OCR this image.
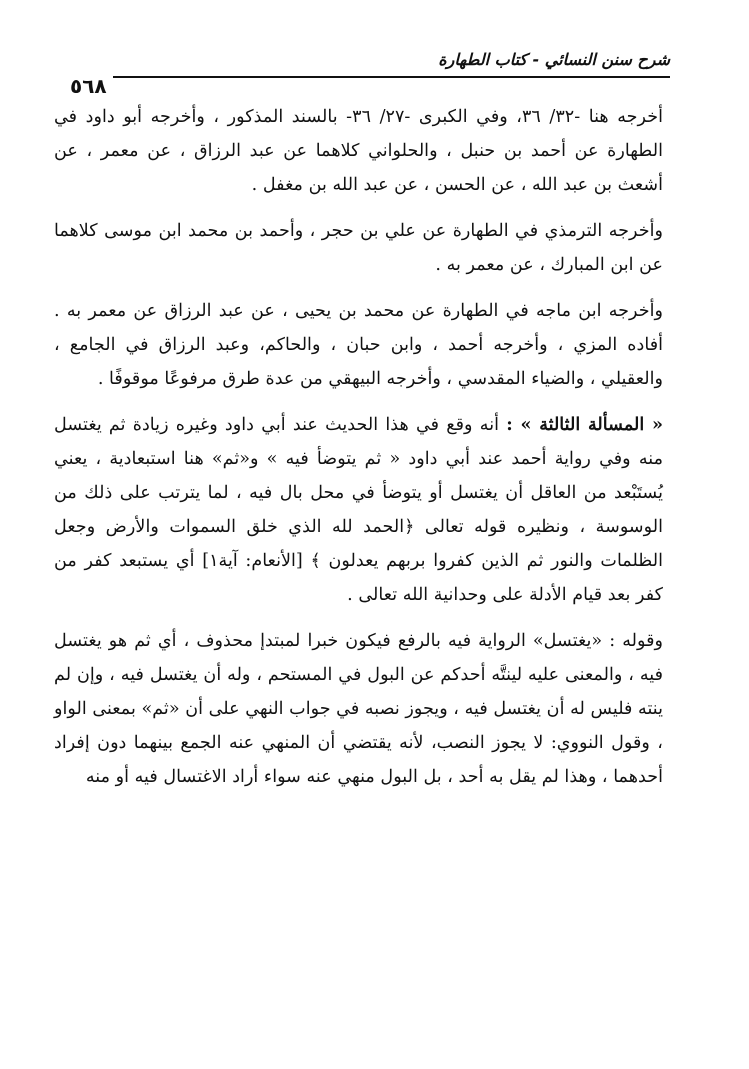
شرح سنن النسائي - كتاب الطهارة
٥٦٨

أخرجه هنا -٣٢/ ٣٦، وفي الكبرى -٢٧/ ٣٦- بالسند المذكور ، وأخرجه أبو داود في الطهارة عن أحمد بن حنبل ، والحلواني كلاهما عن عبد الرزاق ، عن معمر ، عن أشعث بن عبد الله ، عن الحسن ، عن عبد الله بن مغفل .

وأخرجه الترمذي في الطهارة عن علي بن حجر ، وأحمد بن محمد ابن موسى كلاهما عن ابن المبارك ، عن معمر به .

وأخرجه ابن ماجه في الطهارة عن محمد بن يحيى ، عن عبد الرزاق عن معمر به . أفاده المزي ، وأخرجه أحمد ، وابن حبان ، والحاكم، وعبد الرزاق في الجامع ، والعقيلي ، والضياء المقدسي ، وأخرجه البيهقي من عدة طرق مرفوعًا موقوفًا .

« المسألة الثالثة » : أنه وقع في هذا الحديث عند أبي داود وغيره زيادة ثم يغتسل منه وفي رواية أحمد عند أبي داود « ثم يتوضأ فيه » و«ثم» هنا استبعادية ، يعني يُستَبْعد من العاقل أن يغتسل أو يتوضأ في محل بال فيه ، لما يترتب على ذلك من الوسوسة ، ونظيره قوله تعالى ﴿الحمد لله الذي خلق السموات والأرض وجعل الظلمات والنور ثم الذين كفروا بربهم يعدلون ﴾ [الأنعام: آية١] أي يستبعد كفر من كفر بعد قيام الأدلة على وحدانية الله تعالى .

وقوله : «يغتسل» الرواية فيه بالرفع فيكون خبرا لمبتدإ محذوف ، أي ثم هو يغتسل فيه ، والمعنى عليه لينتَّه أحدكم عن البول في المستحم ، وله أن يغتسل فيه ، وإن لم ينته فليس له أن يغتسل فيه ، ويجوز نصبه في جواب النهي على أن «ثم» بمعنى الواو ، وقول النووي: لا يجوز النصب، لأنه يقتضي أن المنهي عنه الجمع بينهما دون إفراد أحدهما ، وهذا لم يقل به أحد ، بل البول منهي عنه سواء أراد الاغتسال فيه أو منه
